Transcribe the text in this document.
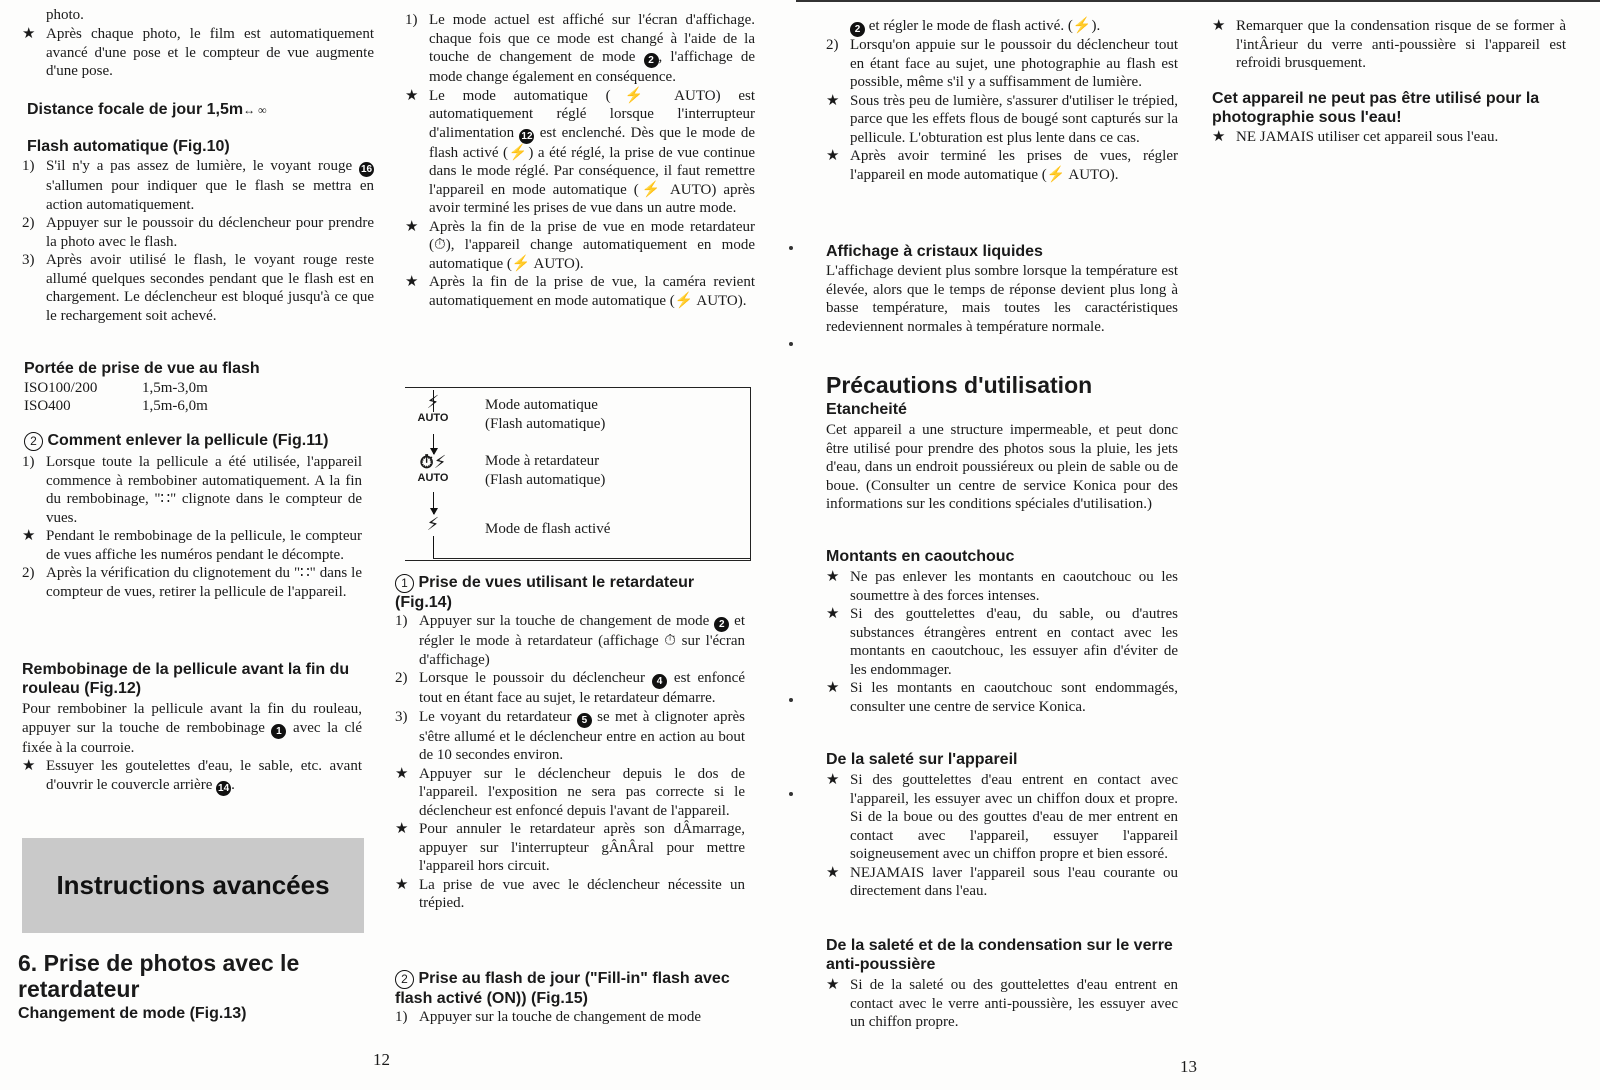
photo.

★ Après chaque photo, le film est automatiquement avancé d'une pose et le compteur de vue augmente d'une pose.
Distance focale de jour 1,5m↔ ∞
Flash automatique (Fig.10)
1) S'il n'y a pas assez de lumière, le voyant rouge 16 s'allumen pour indiquer que le flash se mettra en action automatiquement.
2) Appuyer sur le poussoir du déclencheur pour prendre la photo avec le flash.
3) Après avoir utilisé le flash, le voyant rouge reste allumé quelques secondes pendant que le flash est en chargement. Le déclencheur est bloqué jusqu'à ce que le rechargement soit achevé.
Portée de prise de vue au flash
ISO100/200	1,5m-3,0m
ISO400	1,5m-6,0m
2 Comment enlever la pellicule (Fig.11)
1) Lorsque toute la pellicule a été utilisée, l'appareil commence à rembobiner automatiquement. A la fin du rembobinage, "∷" clignote dans le compteur de vues.
★ Pendant le rembobinage de la pellicule, le compteur de vues affiche les numéros pendant le décompte.
2) Après la vérification du clignotement du "∷" dans le compteur de vues, retirer la pellicule de l'appareil.
Rembobinage de la pellicule avant la fin du rouleau (Fig.12)

Pour rembobiner la pellicule avant la fin du rouleau, appuyer sur la touche de rembobinage 1 avec la clé fixée à la courroie.

★ Essuyer les goutelettes d'eau, le sable, etc. avant d'ouvrir le couvercle arrière 14 .
Instructions avancées
6. Prise de photos avec le retardateur
Changement de mode (Fig.13)
12
1) Le mode actuel est affiché sur l'écran d'affichage. chaque fois que ce mode est changé à l'aide de la touche de changement de mode 2 , l'affichage de mode change également en conséquence.
★ Le mode automatique (⚡ AUTO) est automatiquement réglé lorsque l'interrupteur d'alimentation 12 est enclenché. Dès que le mode de flash activé (⚡) a été réglé, la prise de vue continue dans le mode réglé. Par conséquence, il faut remettre l'appareil en mode automatique (⚡ AUTO) après avoir terminé les prises de vue dans un autre mode.
★ Après la fin de la prise de vue en mode retardateur (⏱), l'appareil change automatiquement en mode automatique (⚡ AUTO).
★ Après la fin de la prise de vue, la caméra revient automatiquement en mode automatique (⚡ AUTO).
⚡
AUTO
Mode automatique
(Flash automatique)
⏱⚡
AUTO
Mode à retardateur
(Flash automatique)
⚡	Mode de flash activé
1 Prise de vues utilisant le retardateur (Fig.14)
1) Appuyer sur la touche de changement de mode 2 et régler le mode à retardateur (affichage ⏱ sur l'écran d'affichage)
2) Lorsque le poussoir du déclencheur 4 est enfoncé tout en étant face au sujet, le retardateur démarre.
3) Le voyant du retardateur 5 se met à clignoter après s'être allumé et le déclencheur entre en action au bout de 10 secondes environ.
★ Appuyer sur le déclencheur depuis le dos de l'appareil. l'exposition ne sera pas correcte si le déclencheur est enfoncé depuis l'avant de l'appareil.
★ Pour annuler le retardateur après son dÂmarrage, appuyer sur l'interrupteur gÂnÂral pour mettre l'appareil hors circuit.
★ La prise de vue avec le déclencheur nécessite un trépied.
2 Prise au flash de jour ("Fill-in" flash avec flash activé (ON)) (Fig.15)
1) Appuyer sur la touche de changement de mode
2 et régler le mode de flash activé. (⚡).
2) Lorsqu'on appuie sur le poussoir du déclencheur tout en étant face au sujet, une photographie au flash est possible, même s'il y a suffisamment de lumière.
★ Sous très peu de lumière, s'assurer d'utiliser le trépied, parce que les effets flous de bougé sont capturés sur la pellicule. L'obturation est plus lente dans ce cas.
★ Après avoir terminé les prises de vues, régler l'appareil en mode automatique (⚡ AUTO).
Affichage à cristaux liquides

L'affichage devient plus sombre lorsque la température est élevée, alors que le temps de réponse devient plus long à basse température, mais toutes les caractéristiques redeviennent normales à température normale.

Précautions d'utilisation
Etancheité

Cet appareil a une structure impermeable, et peut donc être utilisé pour prendre des photos sous la pluie, les jets d'eau, dans un endroit poussiéreux ou plein de sable ou de boue. (Consulter un centre de service Konica pour des informations sur les conditions spéciales d'utilisation.)

Montants en caoutchouc
★ Ne pas enlever les montants en caoutchouc ou les soumettre à des forces intenses.
★ Si des gouttelettes d'eau, du sable, ou d'autres substances étrangères entrent en contact avec les montants en caoutchouc, les essuyer afin d'éviter de les endommager.
★ Si les montants en caoutchouc sont endommagés, consulter une centre de service Konica.
De la saleté sur l'appareil
★ Si des gouttelettes d'eau entrent en contact avec l'appareil, les essuyer avec un chiffon doux et propre. Si de la boue ou des gouttes d'eau de mer entrent en contact avec l'appareil, essuyer l'appareil soigneusement avec un chiffon propre et bien essoré.
★ NEJAMAIS laver l'appareil sous l'eau courante ou directement dans l'eau.
De la saleté et de la condensation sur le verre anti-poussière
★ Si de la saleté ou des gouttelettes d'eau entrent en contact avec le verre anti-poussière, les essuyer avec un chiffon propre.
13
★ Remarquer que la condensation risque de se former à l'intÂrieur du verre anti-poussière si l'appareil est refroidi brusquement.
Cet appareil ne peut pas être utilisé pour la photographie sous l'eau!
★ NE JAMAIS utiliser cet appareil sous l'eau.
